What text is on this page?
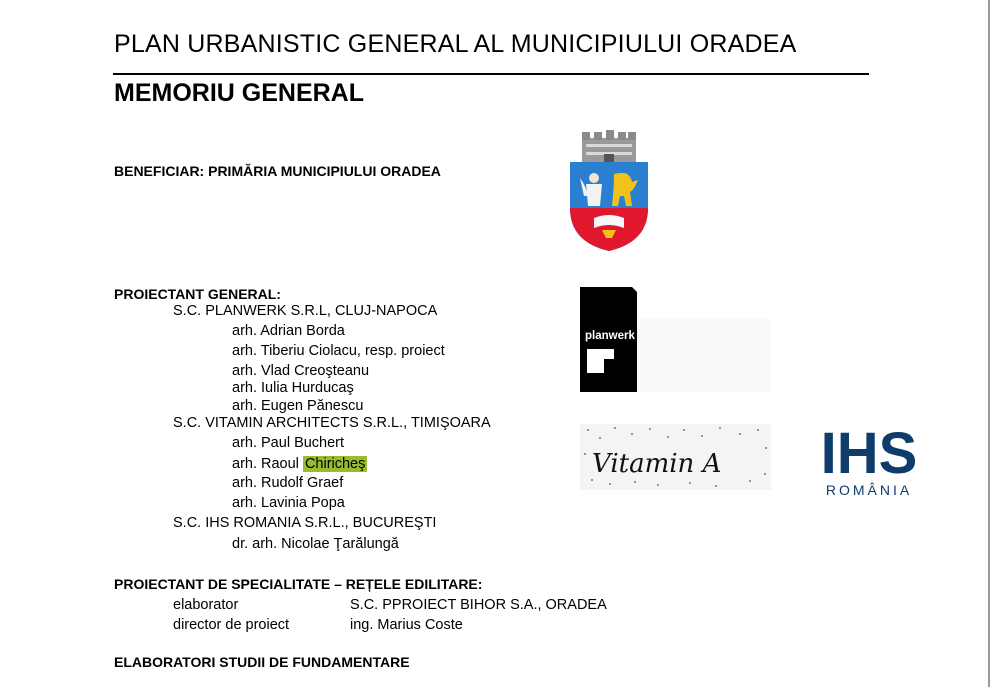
PLAN URBANISTIC GENERAL AL MUNICIPIULUI ORADEA
MEMORIU GENERAL
BENEFICIAR: PRIMĂRIA MUNICIPIULUI ORADEA
PROIECTANT GENERAL:
S.C. PLANWERK S.R.L, CLUJ-NAPOCA
arh. Adrian Borda
arh. Tiberiu Ciolacu, resp. proiect
arh. Vlad Creoşteanu
arh. Iulia Hurducaş
arh. Eugen Pănescu
S.C. VITAMIN ARCHITECTS S.R.L., TIMIŞOARA
arh. Paul Buchert
arh. Raoul Chiricheş
arh. Rudolf Graef
arh. Lavinia Popa
S.C. IHS ROMANIA S.R.L., BUCUREŞTI
dr. arh. Nicolae Ţarălungă
planwerk
Vitamin A IHS
ROMÂNIA
PROIECTANT DE SPECIALITATE – REȚELE EDILITARE:
elaborator	S.C. PPROIECT BIHOR S.A., ORADEA
director de proiect	ing. Marius Coste
ELABORATORI STUDII DE FUNDAMENTARE
